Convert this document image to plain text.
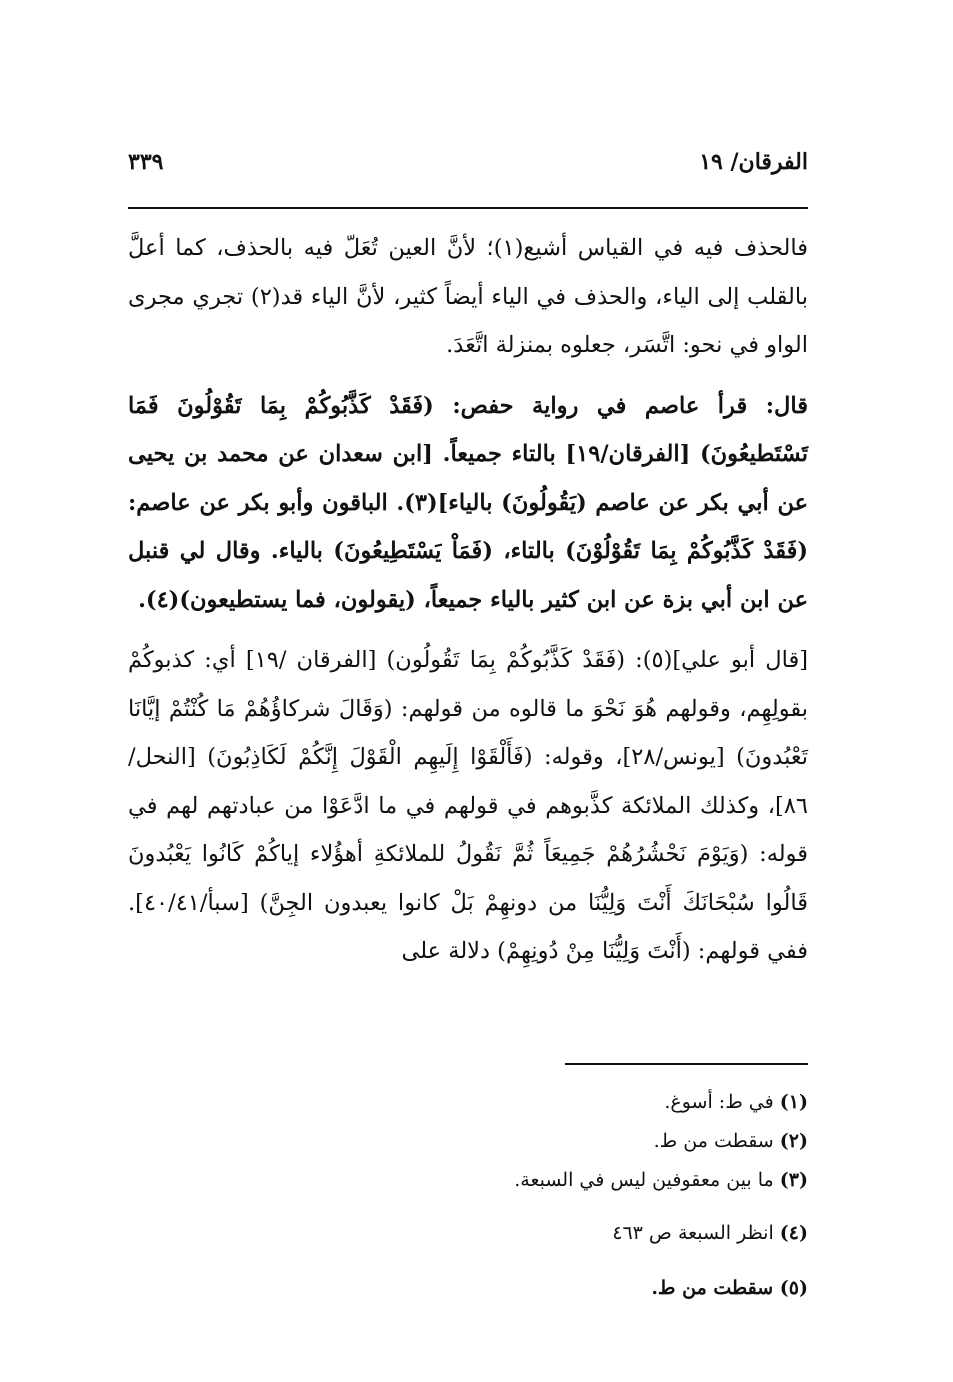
الفرقان/ ١٩
٣٣٩

فالحذف فيه في القياس أشيع(١)؛ لأنَّ العين تُعَلّ فيه بالحذف، كما أعلَّ بالقلب إلى الياء، والحذف في الياء أيضاً كثير، لأنَّ الياء قد(٢) تجري مجرى الواو في نحو: اتَّسَر، جعلوه بمنزلة اتَّعَدَ.

قال: قرأ عاصم في رواية حفص: (فَقَدْ كَذَّبُوكُمْ بِمَا تَقُوْلُونَ فَمَا تَسْتَطيعُونَ) [الفرقان/١٩] بالتاء جميعاً. [ابن سعدان عن محمد بن يحيى عن أبي بكر عن عاصم (يَقُولُونَ) بالياء](٣). الباقون وأبو بكر عن عاصم: (فَقَدْ كَذَّبُوكُمْ بِمَا تَقُوْلُوْنَ) بالتاء، (فَمَاْ يَسْتَطِيعُونَ) بالياء. وقال لي قنبل عن ابن أبي بزة عن ابن كثير بالياء جميعاً، (يقولون، فما يستطيعون)(٤).

[قال أبو علي](٥): (فَقَدْ كَذَّبُوكُمْ بِمَا تَقُولُون) [الفرقان /١٩] أي: كذبوكُمْ بقولِهِم، وقولهم هُوَ نَحْوَ ما قالوه من قولهم: (وَقَالَ شركاؤُهُمْ مَا كُنْتُمْ إيَّانَا تَعْبُدونَ) [يونس/٢٨]، وقوله: (فَأَلْقَوْا إِلَيهِم الْقَوْلَ إِنَّكُمْ لَكَاذِبُونَ) [النحل/٨٦]، وكذلك الملائكة كذَّبوهم في قولهم في ما ادَّعَوْا من عبادتهم لهم في قوله: (وَيَوْمَ نَحْشُرُهُمْ جَمِيعَاً ثُمَّ نَقُولُ للملائكةِ أهؤُلاء إياكُمْ كَانُوا يَعْبُدونَ قَالُوا سُبْحَانَكَ أَنْتَ وَلِيُّنَا من دونهِمْ بَلْ كانوا يعبدون الجِنَّ) [سبأ/٤٠/٤١]. ففي قولهم: (أَنْتَ وَلِيُّنَا مِنْ دُونِهِمْ) دلالة على

(١) في ط: أسوغ.
(٢) سقطت من ط.
(٣) ما بين معقوفين ليس في السبعة.
(٤) انظر السبعة ص ٤٦٣
(٥) سقطت من ط.
